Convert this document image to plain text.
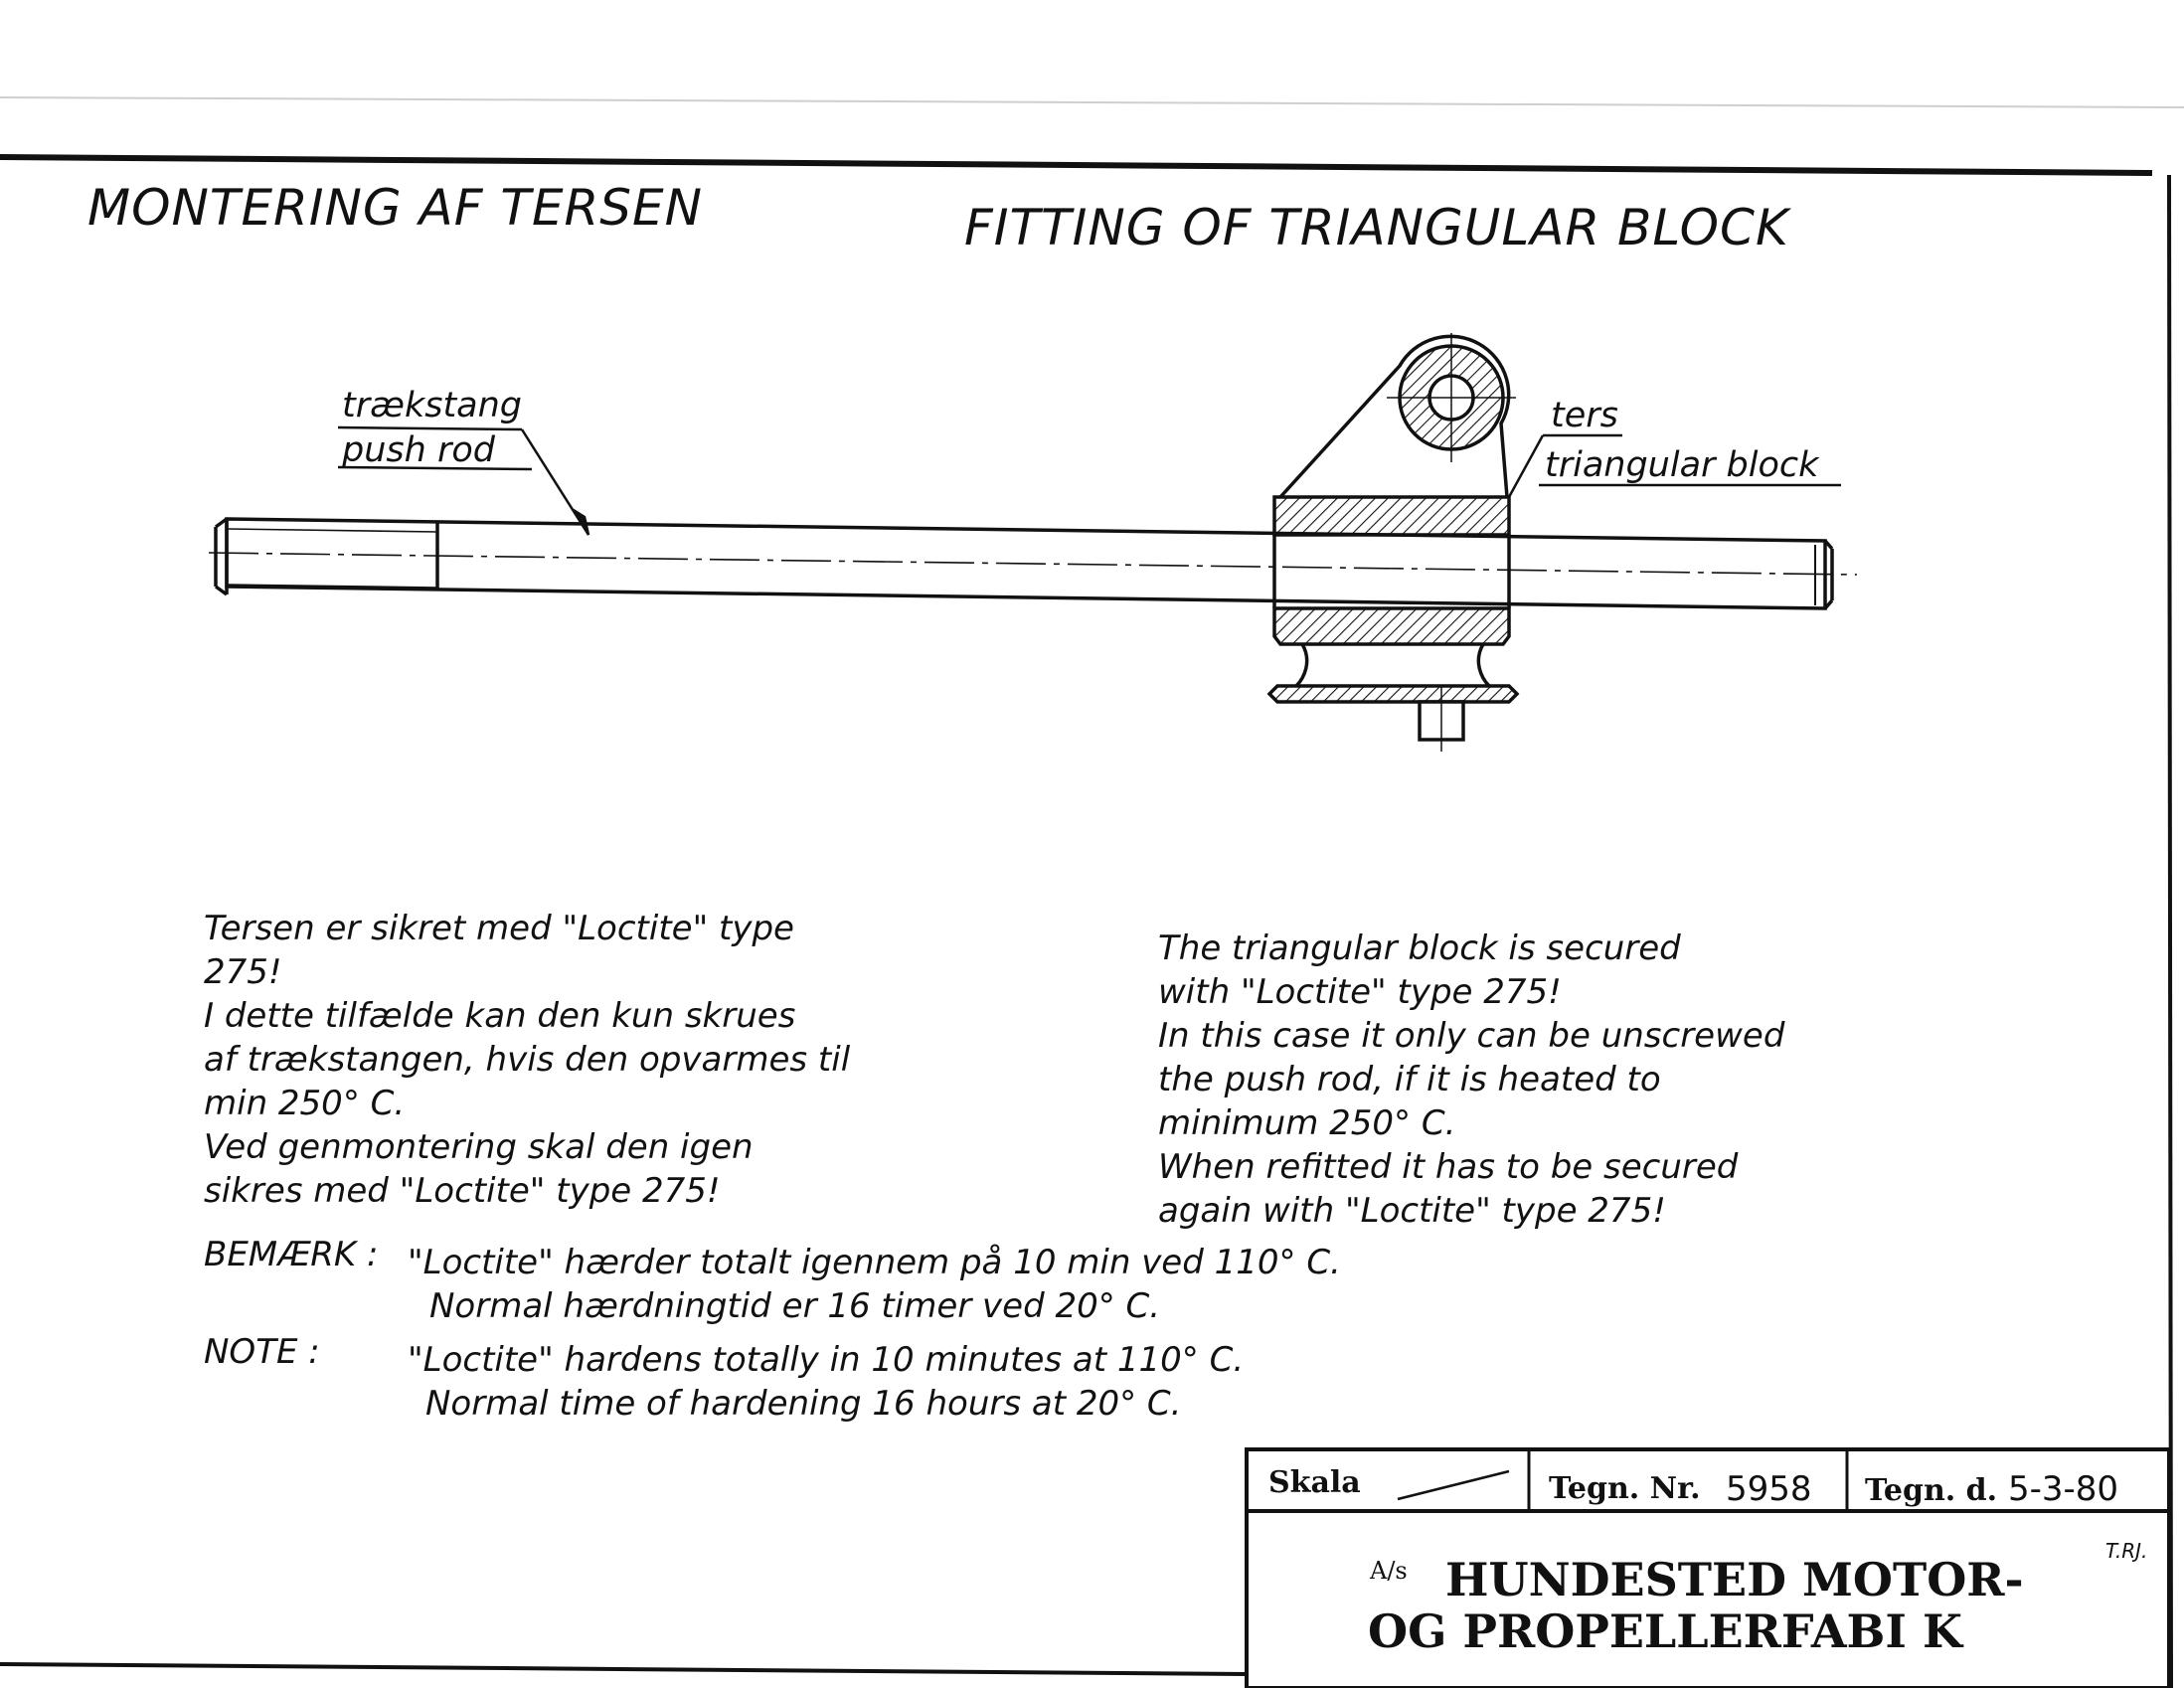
MONTERING AF TERSEN	FITTING OF TRIANGULAR BLOCK
trækstang
push rod
ters
triangular block
Tersen er sikret med "Loctite" type
275!
I dette tilfælde kan den kun skrues
af trækstangen, hvis den opvarmes til
min 250° C.
Ved genmontering skal den igen
sikres med "Loctite" type 275!
The triangular block is secured
with "Loctite" type 275!
In this case it only can be unscrewed
the push rod, if it is heated to
minimum 250° C.
When refitted it has to be secured
again with "Loctite" type 275!
BEMÆRK : "Loctite" hærder totalt igennem på 10 min ved 110° C.
Normal hærdningtid er 16 timer ved 20° C.
NOTE :	"Loctite" hardens totally in 10 minutes at 110° C.
Normal time of hardening 16 hours at 20° C.
Skala	Tegn. Nr. 5958 Tegn. d. 5-3-80
T.RJ.
A/s HUNDESTED MOTOR-
OG PROPELLERFABI K
